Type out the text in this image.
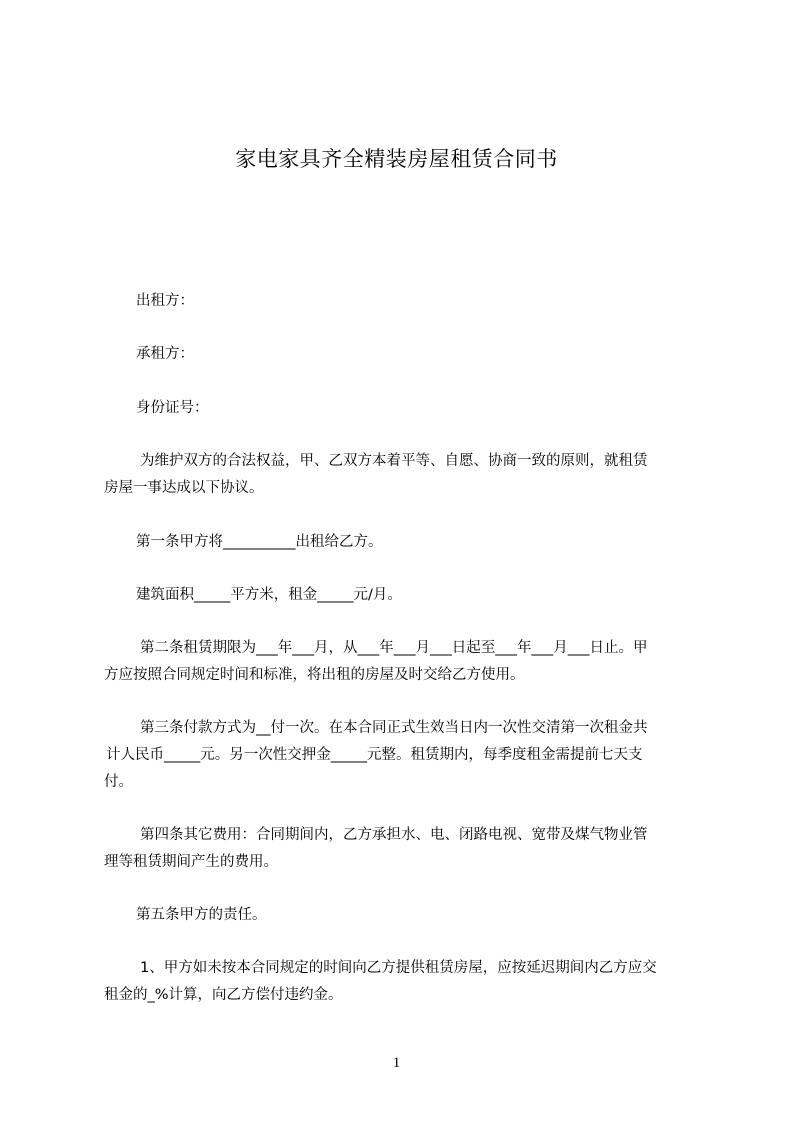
家电家具齐全精装房屋租赁合同书

出租方：

承租方：

身份证号：

为维护双方的合法权益，甲、乙双方本着平等、自愿、协商一致的原则，就租赁
房屋一事达成以下协议。

第一条甲方将__________出租给乙方。

建筑面积_____平方米，租金_____元/月。

第二条租赁期限为___年___月，从___年___月___日起至___年___月___日止。甲
方应按照合同规定时间和标准，将出租的房屋及时交给乙方使用。
第三条付款方式为__付一次。在本合同正式生效当日内一次性交清第一次租金共
计人民币_____元。另一次性交押金_____元整。租赁期内，每季度租金需提前七天支
付。
第四条其它费用：合同期间内，乙方承担水、电、闭路电视、宽带及煤气物业管
理等租赁期间产生的费用。

第五条甲方的责任。

1、甲方如未按本合同规定的时间向乙方提供租赁房屋，应按延迟期间内乙方应交
租金的_%计算，向乙方偿付违约金。
1
